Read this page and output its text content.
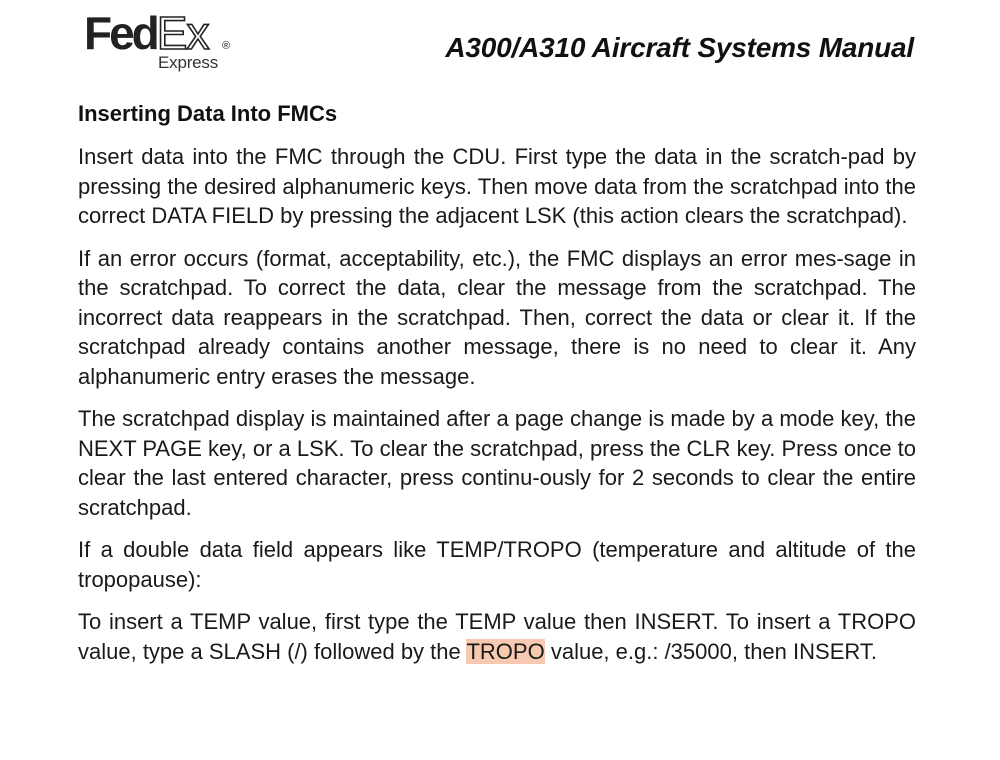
FedEx ®
Express	A300/A310 Aircraft Systems Manual
Inserting Data Into FMCs

Insert data into the FMC through the CDU. First type the data in the scratch-pad by pressing the desired alphanumeric keys. Then move data from the scratchpad into the correct DATA FIELD by pressing the adjacent LSK (this action clears the scratchpad).

If an error occurs (format, acceptability, etc.), the FMC displays an error mes-sage in the scratchpad. To correct the data, clear the message from the scratchpad. The incorrect data reappears in the scratchpad. Then, correct the data or clear it. If the scratchpad already contains another message, there is no need to clear it. Any alphanumeric entry erases the message.

The scratchpad display is maintained after a page change is made by a mode key, the NEXT PAGE key, or a LSK. To clear the scratchpad, press the CLR key. Press once to clear the last entered character, press continu-ously for 2 seconds to clear the entire scratchpad.

If a double data field appears like TEMP/TROPO (temperature and altitude of the tropopause):

To insert a TEMP value, first type the TEMP value then INSERT. To insert a TROPO value, type a SLASH (/) followed by the TROPO value, e.g.: /35000, then INSERT.
